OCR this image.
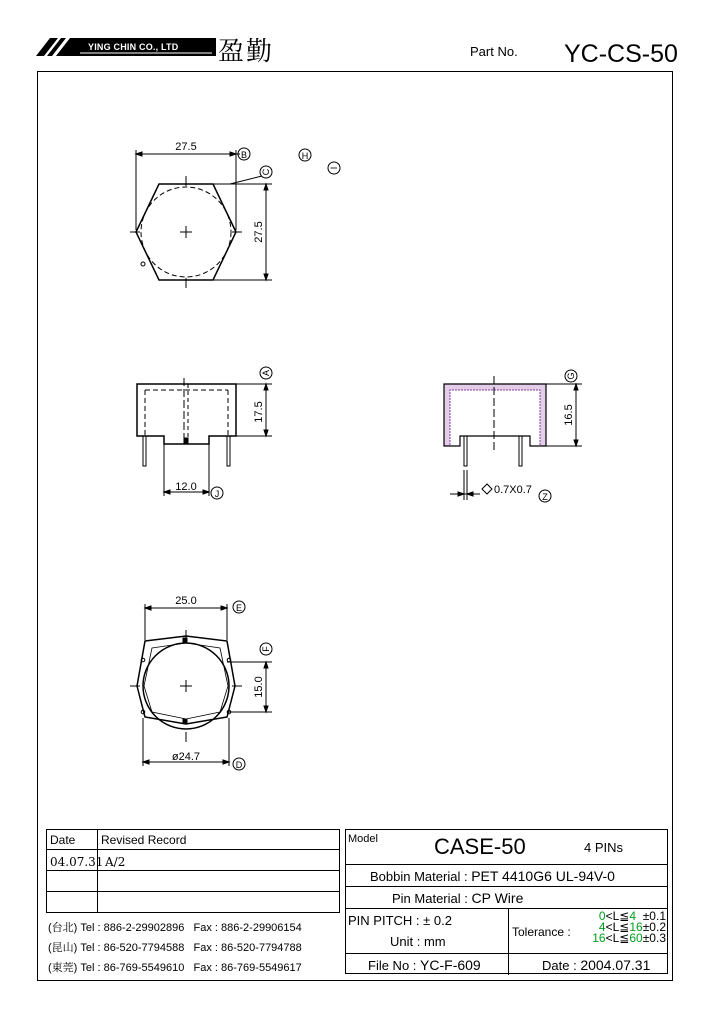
YING CHIN CO., LTD 盈勤	Part No. YC-CS-50
27.5
27.5
B
C
H
I
17.5
12.0
A
J
16.5
G
0.7X0.7
Z
25.0
15.0
ø24.7
E
F
D
Date Revised Record
04.07.31 A/2
(台北) Tel : 886-2-29902896 Fax : 886-2-29906154
(昆山) Tel : 86-520-7794588 Fax : 86-520-7794788
(東莞) Tel : 86-769-5549610 Fax : 86-769-5549617
Model	CASE-50	4 PINs
Bobbin Material : PET 4410G6 UL-94V-0
Pin Material : CP Wire
PIN PITCH : ± 0.2
Unit : mm
File No : YC-F-609
Tolerance :
0<L≦4 ±0.1
4<L≦16±0.2
16<L≦60±0.3
Date : 2004.07.31
